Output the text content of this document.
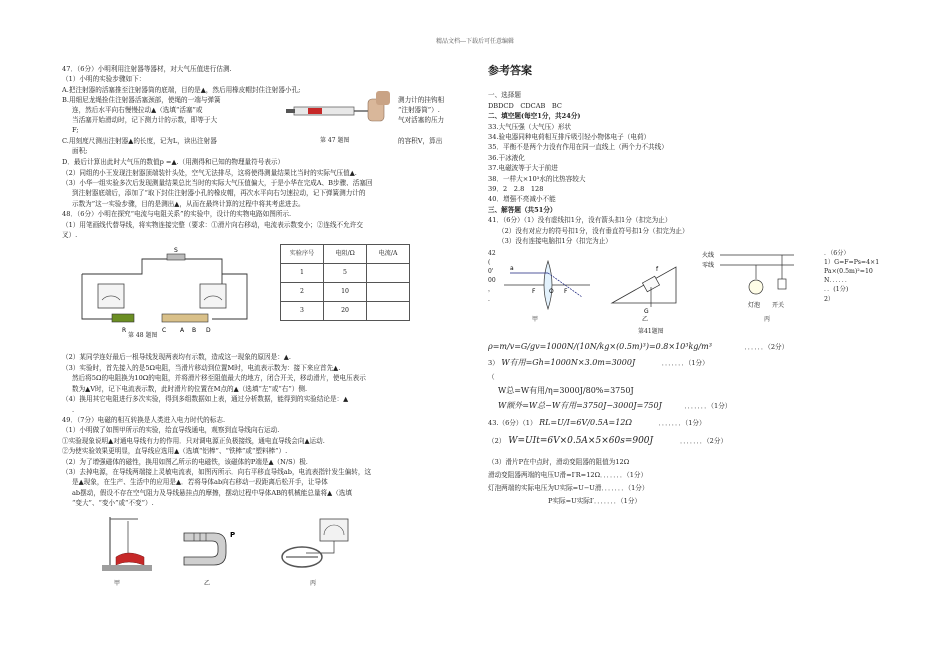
精品文档---下载后可任意编辑
47．（6分）小明利用注射器等器材，对大气压值进行估测.
（1）小明的实验步骤如下：
A.把注射器的活塞推至注射器筒的底端，目的是▲，然后用橡皮帽封住注射器小孔;
B.用细尼龙绳拴住注射器活塞颈部，使绳的一端与弹簧
连，然后水平向右慢慢拉动▲（选填“活塞”或
当活塞开始滑动时，记下测力计的示数，即等于大
F;
C.用刻度尺测出注射器▲的长度，记为L，读出注射器
面积;
测力计的挂钩相
“注射器筒”）.
气对活塞的压力
的容积V，算出
第 47 题图
D．最后计算出此时大气压的数值p =▲.（用测得和已知的物理量符号表示）
（2）同组的小王发现注射器顶端装针头处，空气无法排尽，这将使得测量结果比当时的实际气压值▲.
（3）小华一组实验多次后发现测量结果总比当时的实际大气压值偏大，于是小华在完成A、B步骤、活塞回
到注射器底端后，添加了“取下封住注射器小孔的橡皮帽，再次水平向右匀速拉动，记下弹簧测力计的
示数为”这一实验步骤，目的是测出▲，从而在最终计算的过程中将其考虑进去。
48．（6分）小明在探究“电流与电阻关系”的实验中，设计的实物电路如图所示.
（1）用笔画线代替导线，将实物连接完整（要求：①滑片向右移动，电流表示数变小；②连线不允许交
叉）.
S
R	C A B D
第 48 题图
实验序号	电阻/Ω	电流/A
1	5	
2	10	
3	20	
（2）某同学连好最后一根导线发现两表均有示数，造成这一现象的原因是：▲.
（3）实验时，首先接入的是5Ω电阻，当滑片移动到位置M时，电流表示数为：接下来应首先▲.
然后将5Ω的电阻换为10Ω的电阻，并将滑片移至阻值最大的地方，闭合开关，移动滑片，使电压表示
数为▲V时，记下电流表示数，此时滑片的位置在M点的▲（选填“左”或“右”）侧.
（4）换用其它电阻进行多次实验，得到多组数据如上表，通过分析数据，能得到的实验结论是：▲
.
49．（7分）电磁的相互转换是人类进入电力时代的标志.
（1）小明做了如图甲所示的实验，给直导线通电，观察到直导线向右运动.
①实验现象说明▲对通电导线有力的作用．只对调电源正负极接线，通电直导线会向▲运动.
②为使实验效果更明显，直导线应选用▲（选填“铝棒”、“铁棒”或“塑料棒”）.
（2）为了增强磁体的磁性，换用如图乙所示的电磁铁，该磁体的P端是▲（N/S）极.
（3）去掉电源，在导线两端接上灵敏电流表，如图丙所示．向右平移直导线ab，电流表指针发生偏转，这
是▲现象，在生产、生活中的应用是▲．若将导体ab向右移动一段距离后松开手，让导体
ab摆动，假设不存在空气阻力及导线悬挂点的摩擦，摆动过程中导体AB的机械能总量将▲（选填
“变大”、“变小”或“不变”）.
P
甲	乙	丙
参考答案
一、选择题
DBDCD　CDCAB　BC
二、填空题(每空1分，共24分)
33.大气压强（大气压）形状
34.验电器同种电荷相互排斥吸引轻小物体电子（电荷）
35．平衡不是两个力没有作用在同一直线上（两个力不共线）
36.干冰液化
37.电磁波等于大于前进
38．一样大×10³水的比热容较大
39．2　2.8　128
40．增强不亮减小不能
三、解答题（共51分）
41．（6分）（1）没有虚线扣1分，没有箭头扣1分（扣完为止）
（2）没有对应力的符号扣1分，没有垂直符号扣1分（扣完为止）
（3）没有连接电脑扣1分（扣完为止）
42
(
0'
00
，
.
a
F O F
f
G
火线
零线
灯泡 开关
．（6分）
1）G=F=Ps=4×1
Pa×(0.5m)²=10
N．．．．．．
．．(1分)
2）
甲	乙	丙
第41题图
ρ=m/v=G/gv=1000N/(10N/kg×(0.5m)³)=0.8×10³kg/m³	．．．．．．（2分）
3） W有用=Gh=1000N×3.0m=3000J	．．．．．．．（1分）
（
W总=W有用/η=3000J/80%=3750J
W额外=W总−W有用=3750J−3000J=750J	．．．．．．．（1分）
43.（6分）（1） RL=U/I=6V/0.5A=12Ω	．．．．．．．（1分）
（2） W=UIt=6V×0.5A×5×60s=900J	．．．．．．．（2分）
（3）滑片P在中点时，滑动变阻器的阻值为12Ω
滑动变阻器两端的电压U滑=I′R=12Ω．．．．．．．（1分）
灯泡两端的实际电压为U实际=U−U滑．．．．．．．（1分）
P实际=U实际I′．．．．．．．（1分）
